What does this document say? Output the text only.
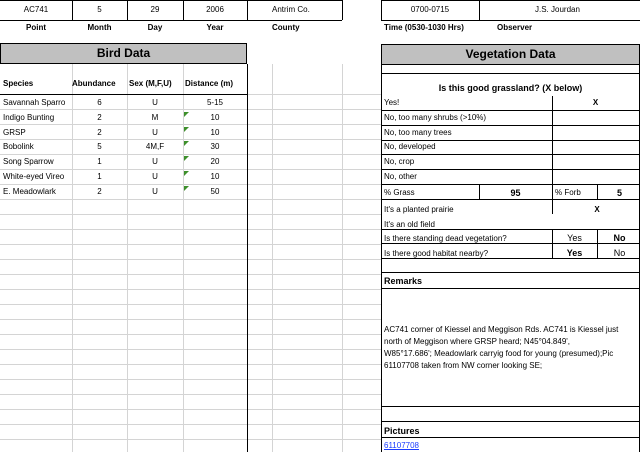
AC741	5	29	2006	Antrim Co.	0700-0715	J.S. Jourdan
Point	Month	Day	Year	County	Time (0530-1030 Hrs)	Observer
Bird Data	Vegetation Data
Species	Abundance	Sex (M,F,U)	Distance (m)
Savannah Sparro	6	U	5-15
Indigo Bunting	2	M	10
GRSP	2	U	10
Bobolink	5	4M,F	30
Song Sparrow	1	U	20
White-eyed Vireo	1	U	10
E. Meadowlark	2	U	50
Is this good grassland? (X below)
Yes!	X
No, too many shrubs (>10%)
No, too many trees
No, developed
No, crop
No, other
% Grass	95	% Forb	5
It's a planted prairie	X
It's an old field
Is there standing dead vegetation?	Yes	No
Is there good habitat nearby?	Yes	No
Remarks
AC741 corner of Kiessel and Meggison Rds. AC741 is Kiessel just
north of Meggison where GRSP heard; N45°04.849',
W85°17.686'; Meadowlark carryig food for young (presumed);Pic
61107708 taken from NW corner looking SE;
Pictures
61107708
